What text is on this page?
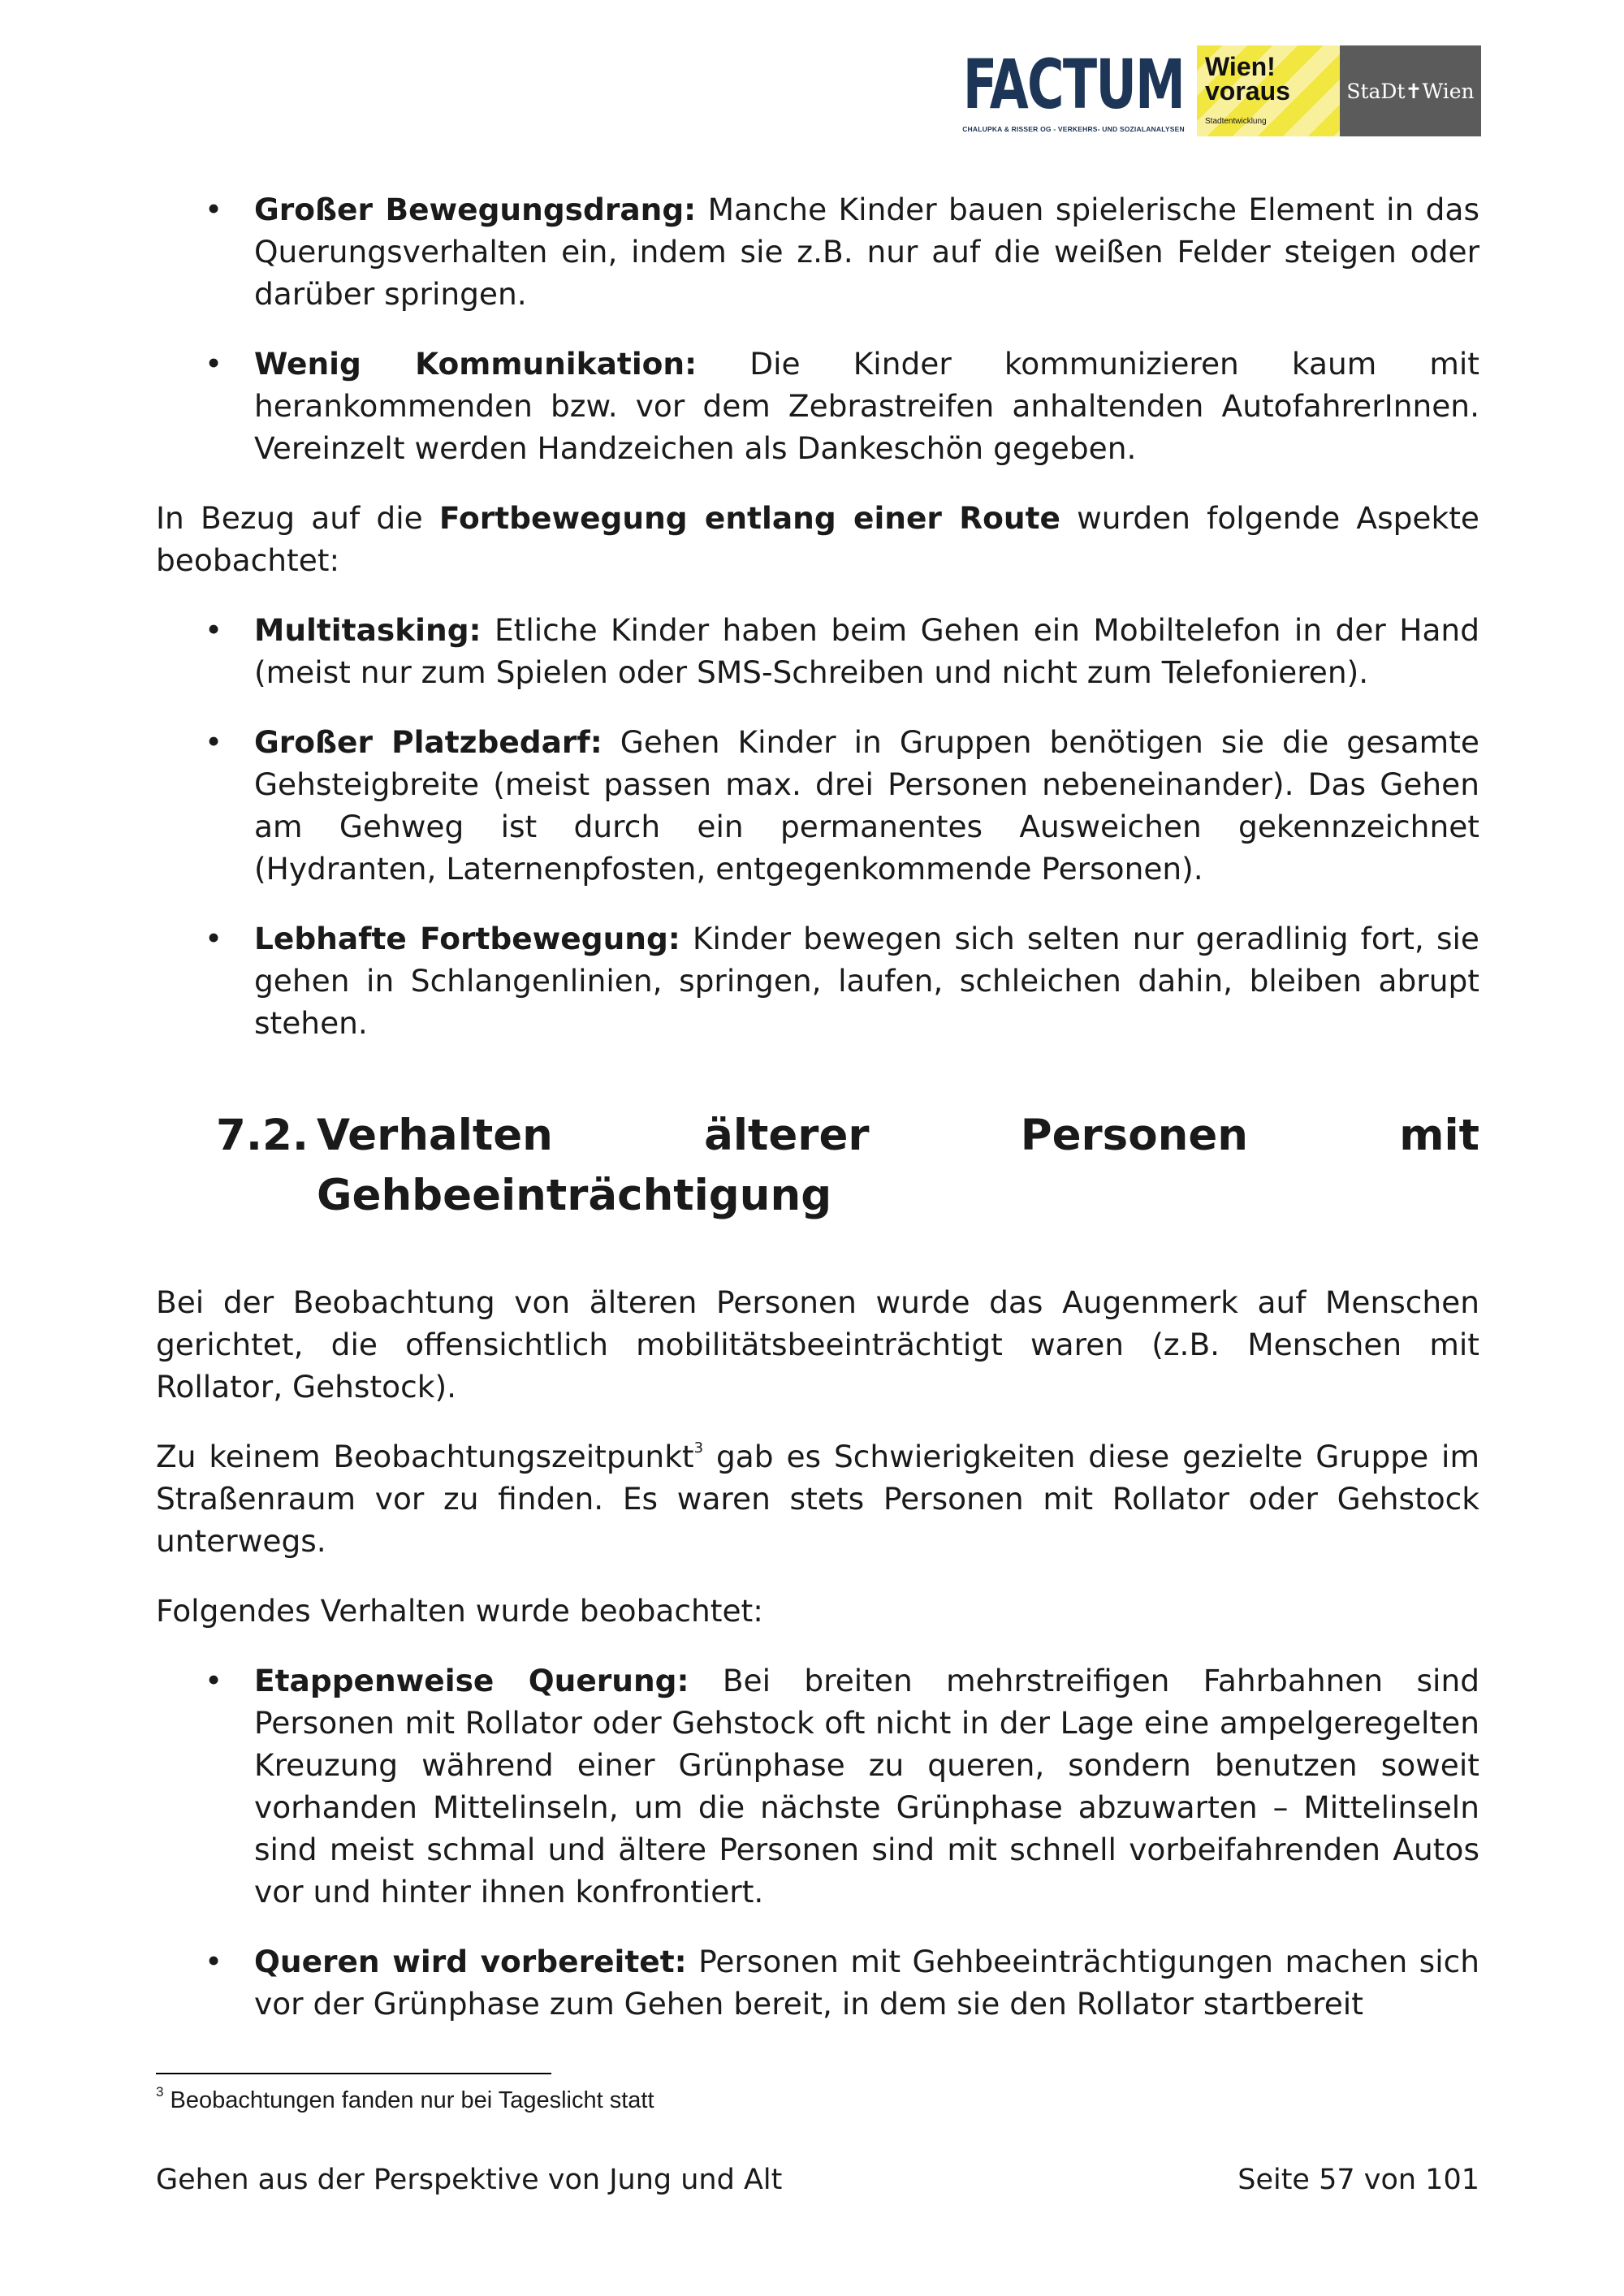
FACTUM
CHALUPKA & RISSER OG - VERKEHRS- UND SOZIALANALYSEN
Wien!
voraus
Stadtentwicklung
StaDt✝Wien
• Großer Bewegungsdrang: Manche Kinder bauen spielerische Element in das Querungsverhalten ein, indem sie z.B. nur auf die weißen Felder steigen oder darüber springen.
• Wenig Kommunikation: Die Kinder kommunizieren kaum mit herankommenden bzw. vor dem Zebrastreifen anhaltenden AutofahrerInnen. Vereinzelt werden Handzeichen als Dankeschön gegeben.

In Bezug auf die Fortbewegung entlang einer Route wurden folgende Aspekte beobachtet:

• Multitasking: Etliche Kinder haben beim Gehen ein Mobiltelefon in der Hand (meist nur zum Spielen oder SMS-Schreiben und nicht zum Telefonieren).
• Großer Platzbedarf: Gehen Kinder in Gruppen benötigen sie die gesamte Gehsteigbreite (meist passen max. drei Personen nebeneinander). Das Gehen am Gehweg ist durch ein permanentes Ausweichen gekennzeichnet (Hydranten, Laternenpfosten, entgegenkommende Personen).
• Lebhafte Fortbewegung: Kinder bewegen sich selten nur geradlinig fort, sie gehen in Schlangenlinien, springen, laufen, schleichen dahin, bleiben abrupt stehen.
7.2. Verhalten	älterer	Personen	mit
Gehbeeinträchtigung

Bei der Beobachtung von älteren Personen wurde das Augenmerk auf Menschen gerichtet, die offensichtlich mobilitätsbeeinträchtigt waren (z.B. Menschen mit Rollator, Gehstock).

Zu keinem Beobachtungszeitpunkt$^3$ gab es Schwierigkeiten diese gezielte Gruppe im Straßenraum vor zu finden. Es waren stets Personen mit Rollator oder Gehstock unterwegs.

Folgendes Verhalten wurde beobachtet:

• Etappenweise Querung: Bei breiten mehrstreifigen Fahrbahnen sind Personen mit Rollator oder Gehstock oft nicht in der Lage eine ampelgeregelten Kreuzung während einer Grünphase zu queren, sondern benutzen soweit vorhanden Mittelinseln, um die nächste Grünphase abzuwarten – Mittelinseln sind meist schmal und ältere Personen sind mit schnell vorbeifahrenden Autos vor und hinter ihnen konfrontiert.
• Queren wird vorbereitet: Personen mit Gehbeeinträchtigungen machen sich vor der Grünphase zum Gehen bereit, in dem sie den Rollator startbereit
$^3$ Beobachtungen fanden nur bei Tageslicht statt
Gehen aus der Perspektive von Jung und Alt	Seite 57 von 101
